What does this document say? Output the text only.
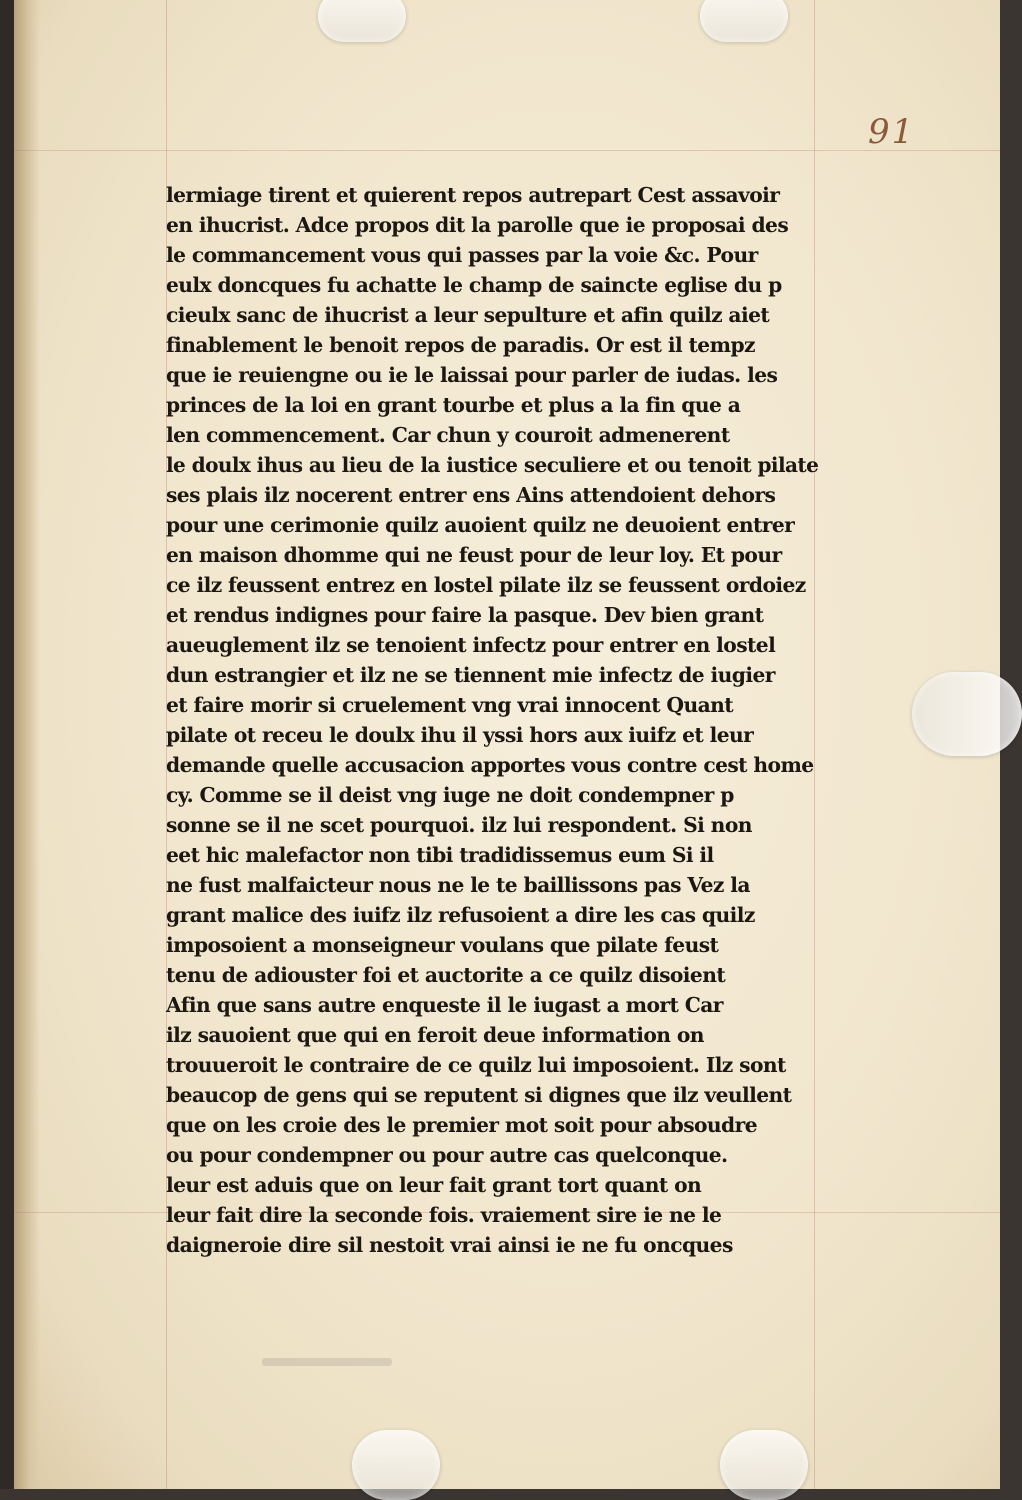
91
lermiage tirent et quierent repos autrepart Cest assavoir
en ihucrist. Adce propos dit la parolle que ie proposai des
le commancement vous qui passes par la voie &c. Pour
eulx doncques fu achatte le champ de saincte eglise du p
cieulx sanc de ihucrist a leur sepulture et afin quilz aiet
finablement le benoit repos de paradis. Or est il tempz
que ie reuiengne ou ie le laissai pour parler de iudas. les
princes de la loi en grant tourbe et plus a la fin que a
len commencement. Car chun y couroit admenerent
le doulx ihus au lieu de la iustice seculiere et ou tenoit pilate
ses plais ilz nocerent entrer ens Ains attendoient dehors
pour une cerimonie quilz auoient quilz ne deuoient entrer
en maison dhomme qui ne feust pour de leur loy. Et pour
ce ilz feussent entrez en lostel pilate ilz se feussent ordoiez
et rendus indignes pour faire la pasque. Dev bien grant
aueuglement ilz se tenoient infectz pour entrer en lostel
dun estrangier et ilz ne se tiennent mie infectz de iugier
et faire morir si cruelement vng vrai innocent Quant
pilate ot receu le doulx ihu il yssi hors aux iuifz et leur
demande quelle accusacion apportes vous contre cest home
cy. Comme se il deist vng iuge ne doit condempner p
sonne se il ne scet pourquoi. ilz lui respondent. Si non
eet hic malefactor non tibi tradidissemus eum Si il
ne fust malfaicteur nous ne le te baillissons pas Vez la
grant malice des iuifz ilz refusoient a dire les cas quilz
imposoient a monseigneur voulans que pilate feust
tenu de adiouster foi et auctorite a ce quilz disoient
Afin que sans autre enqueste il le iugast a mort Car
ilz sauoient que qui en feroit deue information on
trouueroit le contraire de ce quilz lui imposoient. Ilz sont
beaucop de gens qui se reputent si dignes que ilz veullent
que on les croie des le premier mot soit pour absoudre
ou pour condempner ou pour autre cas quelconque.
leur est aduis que on leur fait grant tort quant on
leur fait dire la seconde fois. vraiement sire ie ne le
daigneroie dire sil nestoit vrai ainsi ie ne fu oncques
